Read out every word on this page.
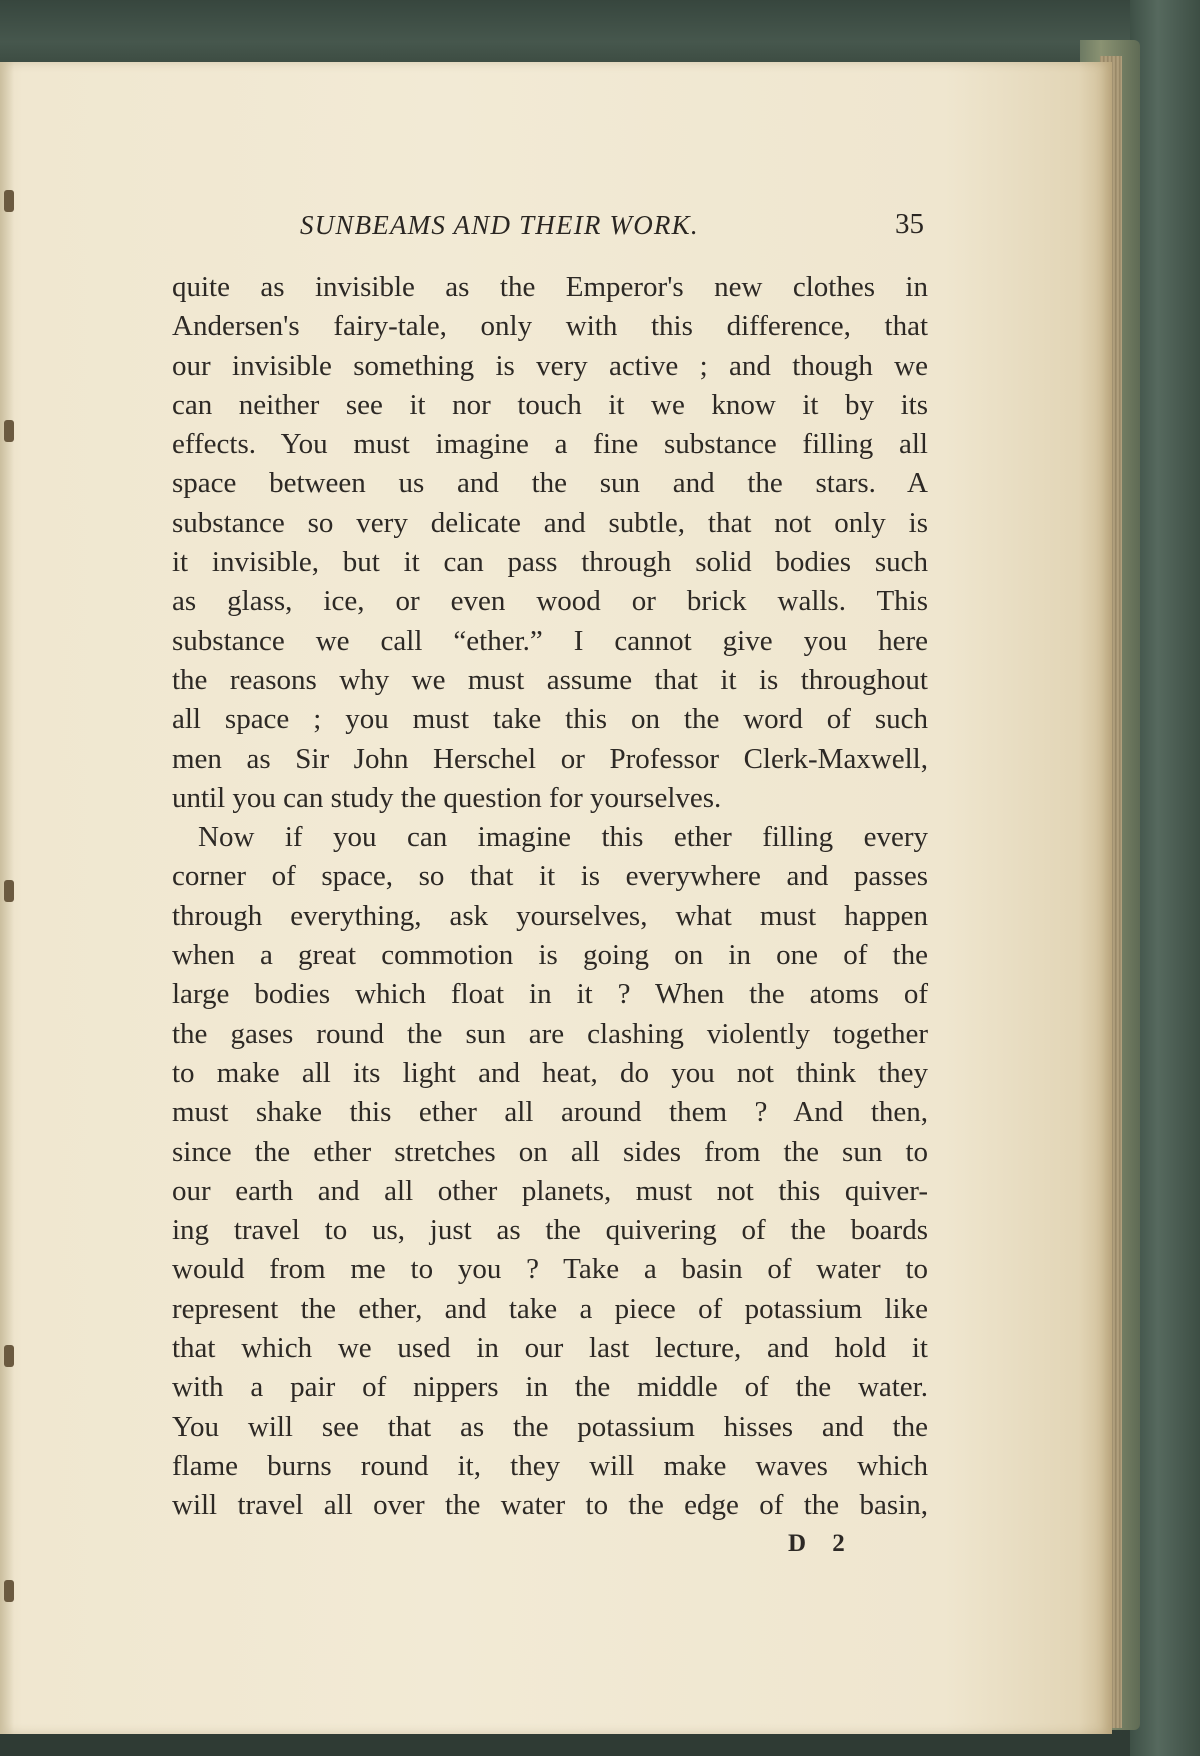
SUNBEAMS AND THEIR WORK.	35
quite as invisible as the Emperor's new clothes in
Andersen's fairy-tale, only with this difference, that
our invisible something is very active ; and though we
can neither see it nor touch it we know it by its
effects. You must imagine a fine substance filling all
space between us and the sun and the stars. A
substance so very delicate and subtle, that not only is
it invisible, but it can pass through solid bodies such
as glass, ice, or even wood or brick walls. This
substance we call “ether.” I cannot give you here
the reasons why we must assume that it is throughout
all space ; you must take this on the word of such
men as Sir John Herschel or Professor Clerk-Maxwell,
until you can study the question for yourselves.
Now if you can imagine this ether filling every
corner of space, so that it is everywhere and passes
through everything, ask yourselves, what must happen
when a great commotion is going on in one of the
large bodies which float in it ? When the atoms of
the gases round the sun are clashing violently together
to make all its light and heat, do you not think they
must shake this ether all around them ? And then,
since the ether stretches on all sides from the sun to
our earth and all other planets, must not this quiver-
ing travel to us, just as the quivering of the boards
would from me to you ? Take a basin of water to
represent the ether, and take a piece of potassium like
that which we used in our last lecture, and hold it
with a pair of nippers in the middle of the water.
You will see that as the potassium hisses and the
flame burns round it, they will make waves which
will travel all over the water to the edge of the basin,
D 2
